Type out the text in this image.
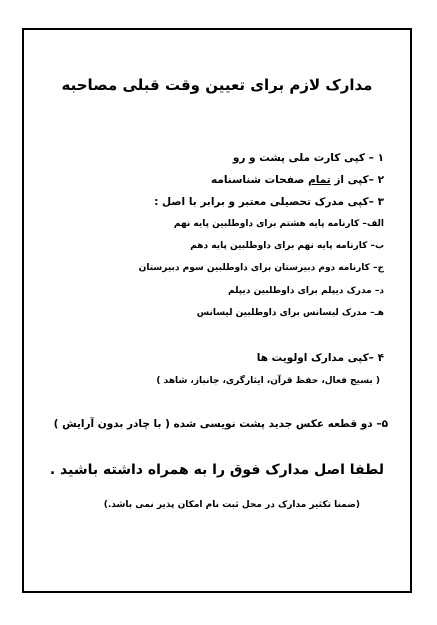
مدارک لازم برای تعیین وقت قبلی مصاحبه
۱ – کپی کارت ملی پشت و رو
۲ –کپی از تمام صفحات شناسنامه
۳ –کپی مدرک تحصیلی معتبر و برابر با اصل :
الف– کارنامه پایه هشتم برای داوطلبین پایه نهم
ب– کارنامه پایه نهم برای داوطلبین پایه دهم
ج– کارنامه دوم دبیرستان برای داوطلبین سوم دبیرستان
د– مدرک دیپلم برای داوطلبین دیپلم
هـ– مدرک لیسانس برای داوطلبین لیسانس
۴ –کپی مدارک اولویت ها
( بسیج فعال، حفظ قرآن، ایثارگری، جانباز، شاهد )
۵– دو قطعه عکس جدید پشت نویسی شده ( با چادر بدون آرایش )
لطفا اصل مدارک فوق را به همراه داشته باشید .
(ضمنا تکثیر مدارک در محل ثبت نام امکان پذیر نمی باشد.)
